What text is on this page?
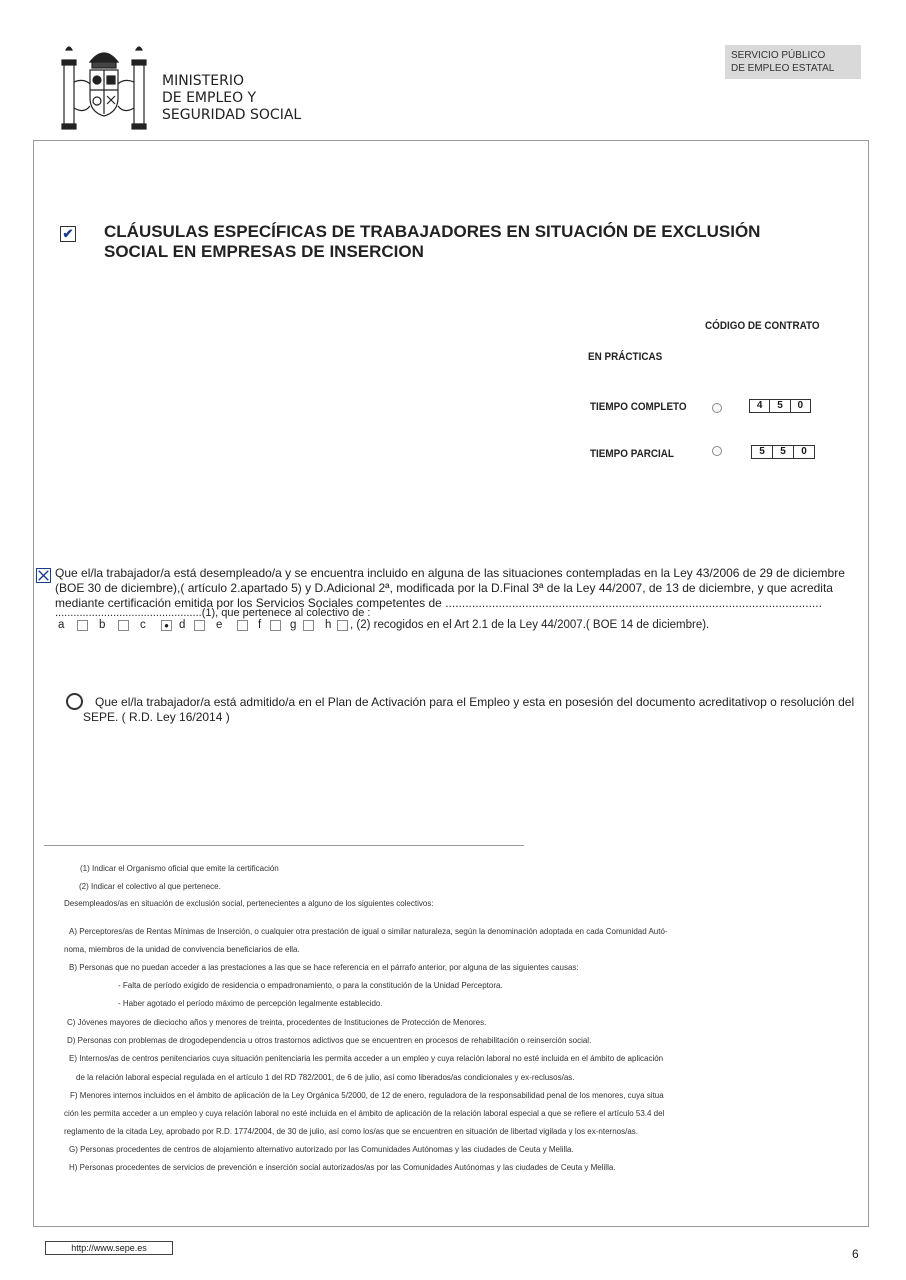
MINISTERIO
DE EMPLEO Y
SEGURIDAD SOCIAL
SERVICIO PÚBLICO
DE EMPLEO ESTATAL
✔ CLÁUSULAS ESPECÍFICAS DE TRABAJADORES EN SITUACIÓN DE EXCLUSIÓN
SOCIAL EN EMPRESAS DE INSERCION
CÓDIGO DE CONTRATO
EN PRÁCTICAS
TIEMPO COMPLETO	4	5	0
TIEMPO PARCIAL	5	5	0
Que el/la trabajador/a está desempleado/a y se encuentra incluido en alguna de las situaciones contempladas en la Ley 43/2006 de 29 de diciembre
(BOE 30 de diciembre),( artículo 2.apartado 5) y D.Adicional 2ª, modificada por la D.Final 3ª de la Ley 44/2007, de 13 de diciembre, y que acredita
mediante certificación emitida por los Servicios Sociales competentes de .................................................................................................................
................................................(1), que pertenece al colectivo de :
a	b	c	● d	e	f	g h , (2) recogidos en el Art 2.1 de la Ley 44/2007.( BOE 14 de diciembre).
Que el/la trabajador/a está admitido/a en el Plan de Activación para el Empleo y esta en posesión del documento acreditativop o resolución del
SEPE. ( R.D. Ley 16/2014 )
(1) Indicar el Organismo oficial que emite la certificación
(2) Indicar el colectivo al que pertenece.
Desempleados/as en situación de exclusión social, pertenecientes a alguno de los siguientes colectivos:
A) Perceptores/as de Rentas Mínimas de Inserción, o cualquier otra prestación de igual o similar naturaleza, según la denominación adoptada en cada Comunidad Autó-
noma, miembros de la unidad de convivencia beneficiarios de ella.
B) Personas que no puedan acceder a las prestaciones a las que se hace referencia en el párrafo anterior, por alguna de las siguientes causas:
- Falta de período exigido de residencia o empadronamiento, o para la constitución de la Unidad Perceptora.
- Haber agotado el período máximo de percepción legalmente establecido.
C) Jóvenes mayores de dieciocho años y menores de treinta, procedentes de Instituciones de Protección de Menores.
D) Personas con problemas de drogodependencia u otros trastornos adictivos que se encuentren en procesos de rehabilitación o reinserción social.
E) Internos/as de centros penitenciarios cuya situación penitenciaria les permita acceder a un empleo y cuya relación laboral no esté incluida en el ámbito de aplicación
de la relación laboral especial regulada en el artículo 1 del RD 782/2001, de 6 de julio, así como liberados/as condicionales y ex-reclusos/as.
F) Menores internos incluidos en el ámbito de aplicación de la Ley Orgánica 5/2000, de 12 de enero, reguladora de la responsabilidad penal de los menores, cuya situa
ción les permita acceder a un empleo y cuya relación laboral no esté incluida en el ámbito de aplicación de la relación laboral especial a que se refiere el artículo 53.4 del
reglamento de la citada Ley, aprobado por R.D. 1774/2004, de 30 de julio, así como los/as que se encuentren en situación de libertad vigilada y los ex-nternos/as.
G) Personas procedentes de centros de alojamiento alternativo autorizado por las Comunidades Autónomas y las ciudades de Ceuta y Melilla.
H) Personas procedentes de servicios de prevención e inserción social autorizados/as por las Comunidades Autónomas y las ciudades de Ceuta y Melilla.
http://www.sepe.es	6
